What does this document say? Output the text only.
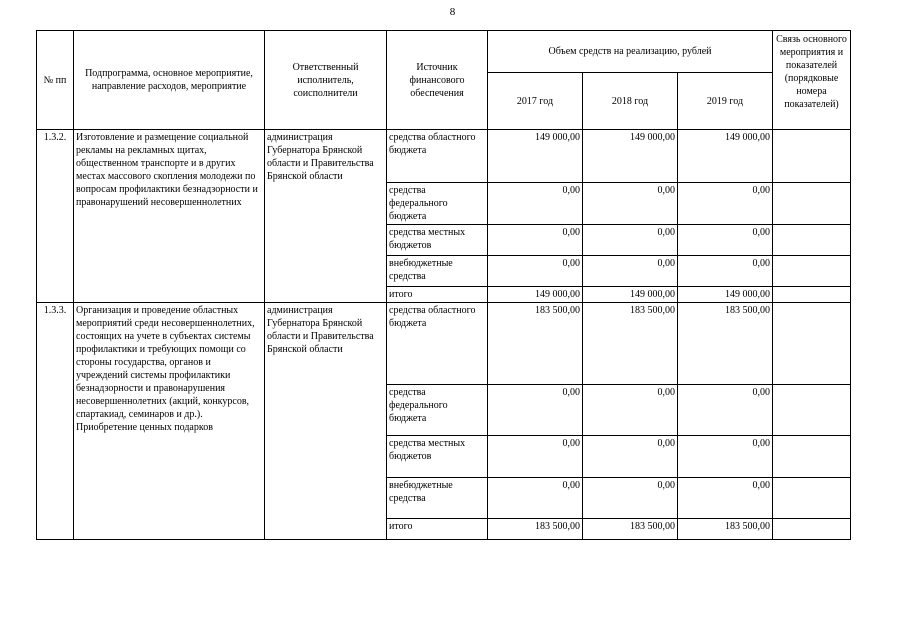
8
№ пп	Подпрограмма, основное мероприятие, направление расходов, мероприятие	Ответственный исполнитель, соисполнители	Источник финансового обеспечения	Объем средств на реализацию, рублей			Связь основного мероприятия и показателей (порядковые номера показателей)
				2017 год	2018 год	2019 год	
1.3.2.	Изготовление и размещение социальной рекламы на рекламных щитах, общественном транспорте и в других местах массового скопления молодежи по вопросам профилактики безнадзорности и правонарушений несовершеннолетних	администрация Губернатора Брянской области и Правительства Брянской области	средства областного бюджета	149 000,00	149 000,00	149 000,00	
			средства федерального бюджета	0,00	0,00	0,00	
			средства местных бюджетов	0,00	0,00	0,00	
			внебюджетные средства	0,00	0,00	0,00	
			итого	149 000,00	149 000,00	149 000,00	
1.3.3.	Организация и проведение областных мероприятий среди несовершеннолетних, состоящих на учете в субъектах системы профилактики и требующих помощи со стороны государства, органов и учреждений системы профилактики безнадзорности и правонарушения несовершеннолетних (акций, конкурсов, спартакиад, семинаров и др.). Приобретение ценных подарков	администрация Губернатора Брянской области и Правительства Брянской области	средства областного бюджета	183 500,00	183 500,00	183 500,00	
			средства федерального бюджета	0,00	0,00	0,00	
			средства местных бюджетов	0,00	0,00	0,00	
			внебюджетные средства	0,00	0,00	0,00	
			итого	183 500,00	183 500,00	183 500,00	
